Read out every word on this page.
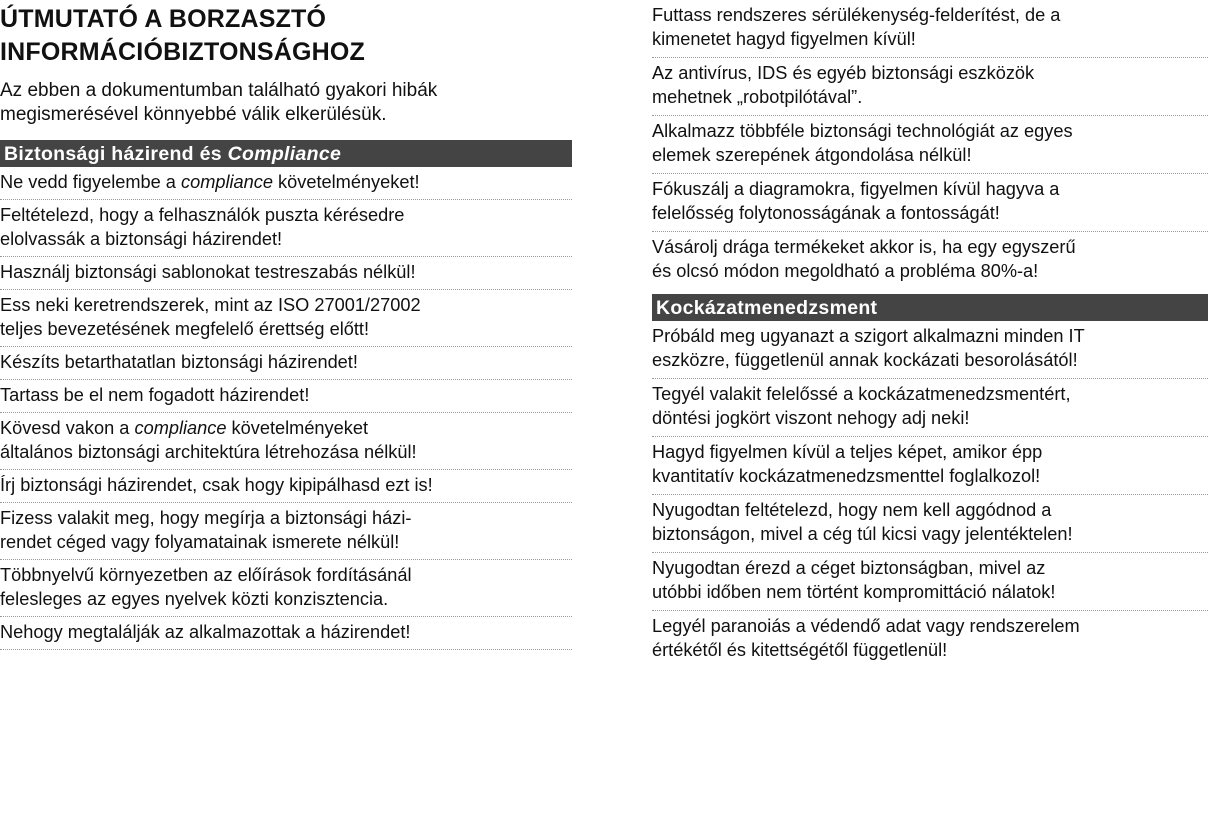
ÚTMUTATÓ A BORZASZTÓ
INFORMÁCIÓBIZTONSÁGHOZ

Az ebben a dokumentumban található gyakori hibák
megismerésével könnyebbé válik elkerülésük.

Biztonsági házirend és Compliance
Ne vedd figyelembe a compliance követelményeket!
Feltételezd, hogy a felhasználók puszta kérésedre
elolvassák a biztonsági házirendet!
Használj biztonsági sablonokat testreszabás nélkül!
Ess neki keretrendszerek, mint az ISO 27001/27002
teljes bevezetésének megfelelő érettség előtt!
Készíts betarthatatlan biztonsági házirendet!
Tartass be el nem fogadott házirendet!
Kövesd vakon a compliance követelményeket
általános biztonsági architektúra létrehozása nélkül!
Írj biztonsági házirendet, csak hogy kipipálhasd ezt is!
Fizess valakit meg, hogy megírja a biztonsági házi-
rendet céged vagy folyamatainak ismerete nélkül!
Többnyelvű környezetben az előírások fordításánál
felesleges az egyes nyelvek közti konzisztencia.
Nehogy megtalálják az alkalmazottak a házirendet!
Futtass rendszeres sérülékenység-felderítést, de a
kimenetet hagyd figyelmen kívül!
Az antivírus, IDS és egyéb biztonsági eszközök
mehetnek „robotpilótával”.
Alkalmazz többféle biztonsági technológiát az egyes
elemek szerepének átgondolása nélkül!
Fókuszálj a diagramokra, figyelmen kívül hagyva a
felelősség folytonosságának a fontosságát!
Vásárolj drága termékeket akkor is, ha egy egyszerű
és olcsó módon megoldható a probléma 80%-a!
Kockázatmenedzsment
Próbáld meg ugyanazt a szigort alkalmazni minden IT
eszközre, függetlenül annak kockázati besorolásától!
Tegyél valakit felelőssé a kockázatmenedzsmentért,
döntési jogkört viszont nehogy adj neki!
Hagyd figyelmen kívül a teljes képet, amikor épp
kvantitatív kockázatmenedzsmenttel foglalkozol!
Nyugodtan feltételezd, hogy nem kell aggódnod a
biztonságon, mivel a cég túl kicsi vagy jelentéktelen!
Nyugodtan érezd a céget biztonságban, mivel az
utóbbi időben nem történt kompromittáció nálatok!
Legyél paranoiás a védendő adat vagy rendszerelem
értékétől és kitettségétől függetlenül!
